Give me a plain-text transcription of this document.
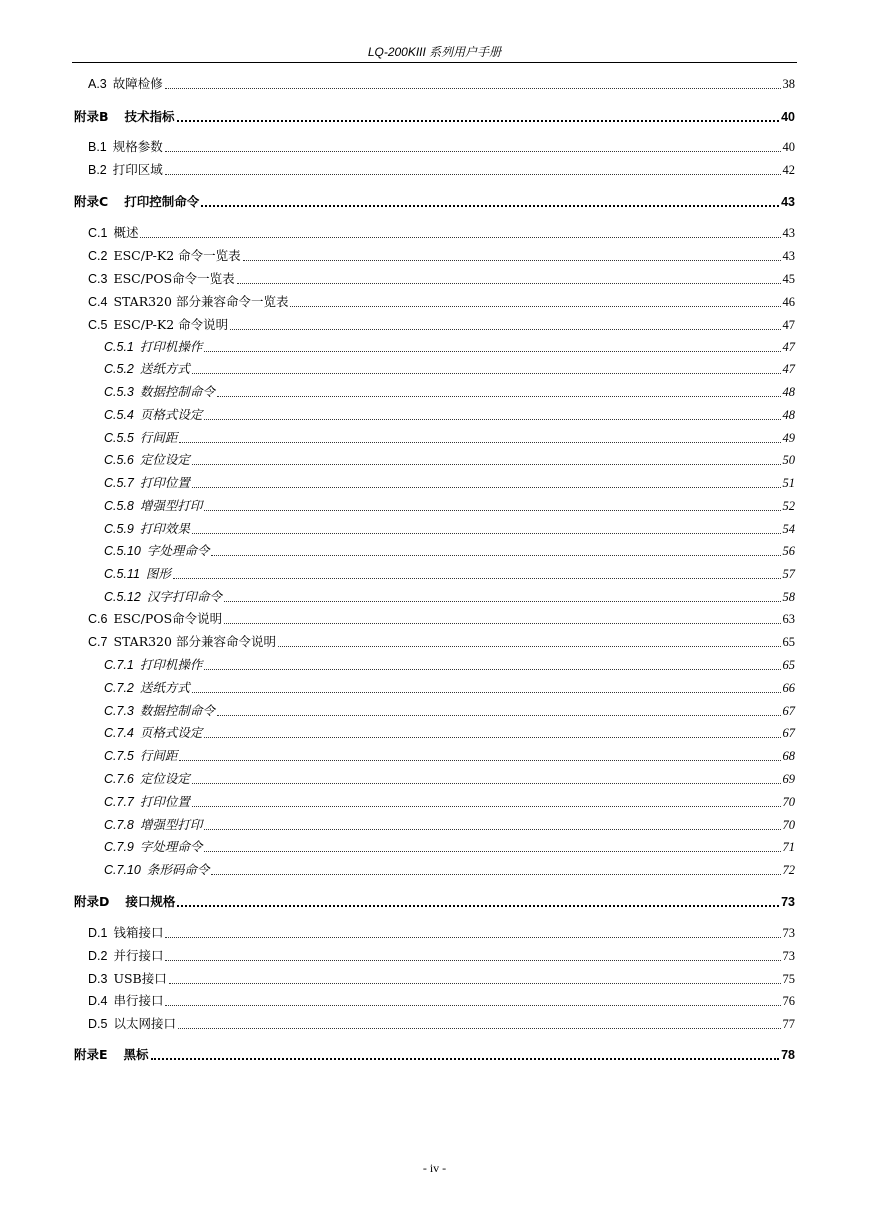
LQ-200KIII 系列用户手册
A.3 故障检修	38
附录B 技术指标	40
B.1 规格参数	40
B.2 打印区域	42
附录C 打印控制命令	43
C.1 概述	43
C.2 ESC/P-K2 命令一览表	43
C.3 ESC/POS命令一览表	45
C.4 STAR320 部分兼容命令一览表	46
C.5 ESC/P-K2 命令说明	47
C.5.1 打印机操作	47
C.5.2 送纸方式	47
C.5.3 数据控制命令	48
C.5.4 页格式设定	48
C.5.5 行间距	49
C.5.6 定位设定	50
C.5.7 打印位置	51
C.5.8 增强型打印	52
C.5.9 打印效果	54
C.5.10 字处理命令	56
C.5.11 图形	57
C.5.12 汉字打印命令	58
C.6 ESC/POS命令说明	63
C.7 STAR320 部分兼容命令说明	65
C.7.1 打印机操作	65
C.7.2 送纸方式	66
C.7.3 数据控制命令	67
C.7.4 页格式设定	67
C.7.5 行间距	68
C.7.6 定位设定	69
C.7.7 打印位置	70
C.7.8 增强型打印	70
C.7.9 字处理命令	71
C.7.10 条形码命令	72
附录D 接口规格	73
D.1 钱箱接口	73
D.2 并行接口	73
D.3 USB接口	75
D.4 串行接口	76
D.5 以太网接口	77
附录E 黑标	78
- iv -
